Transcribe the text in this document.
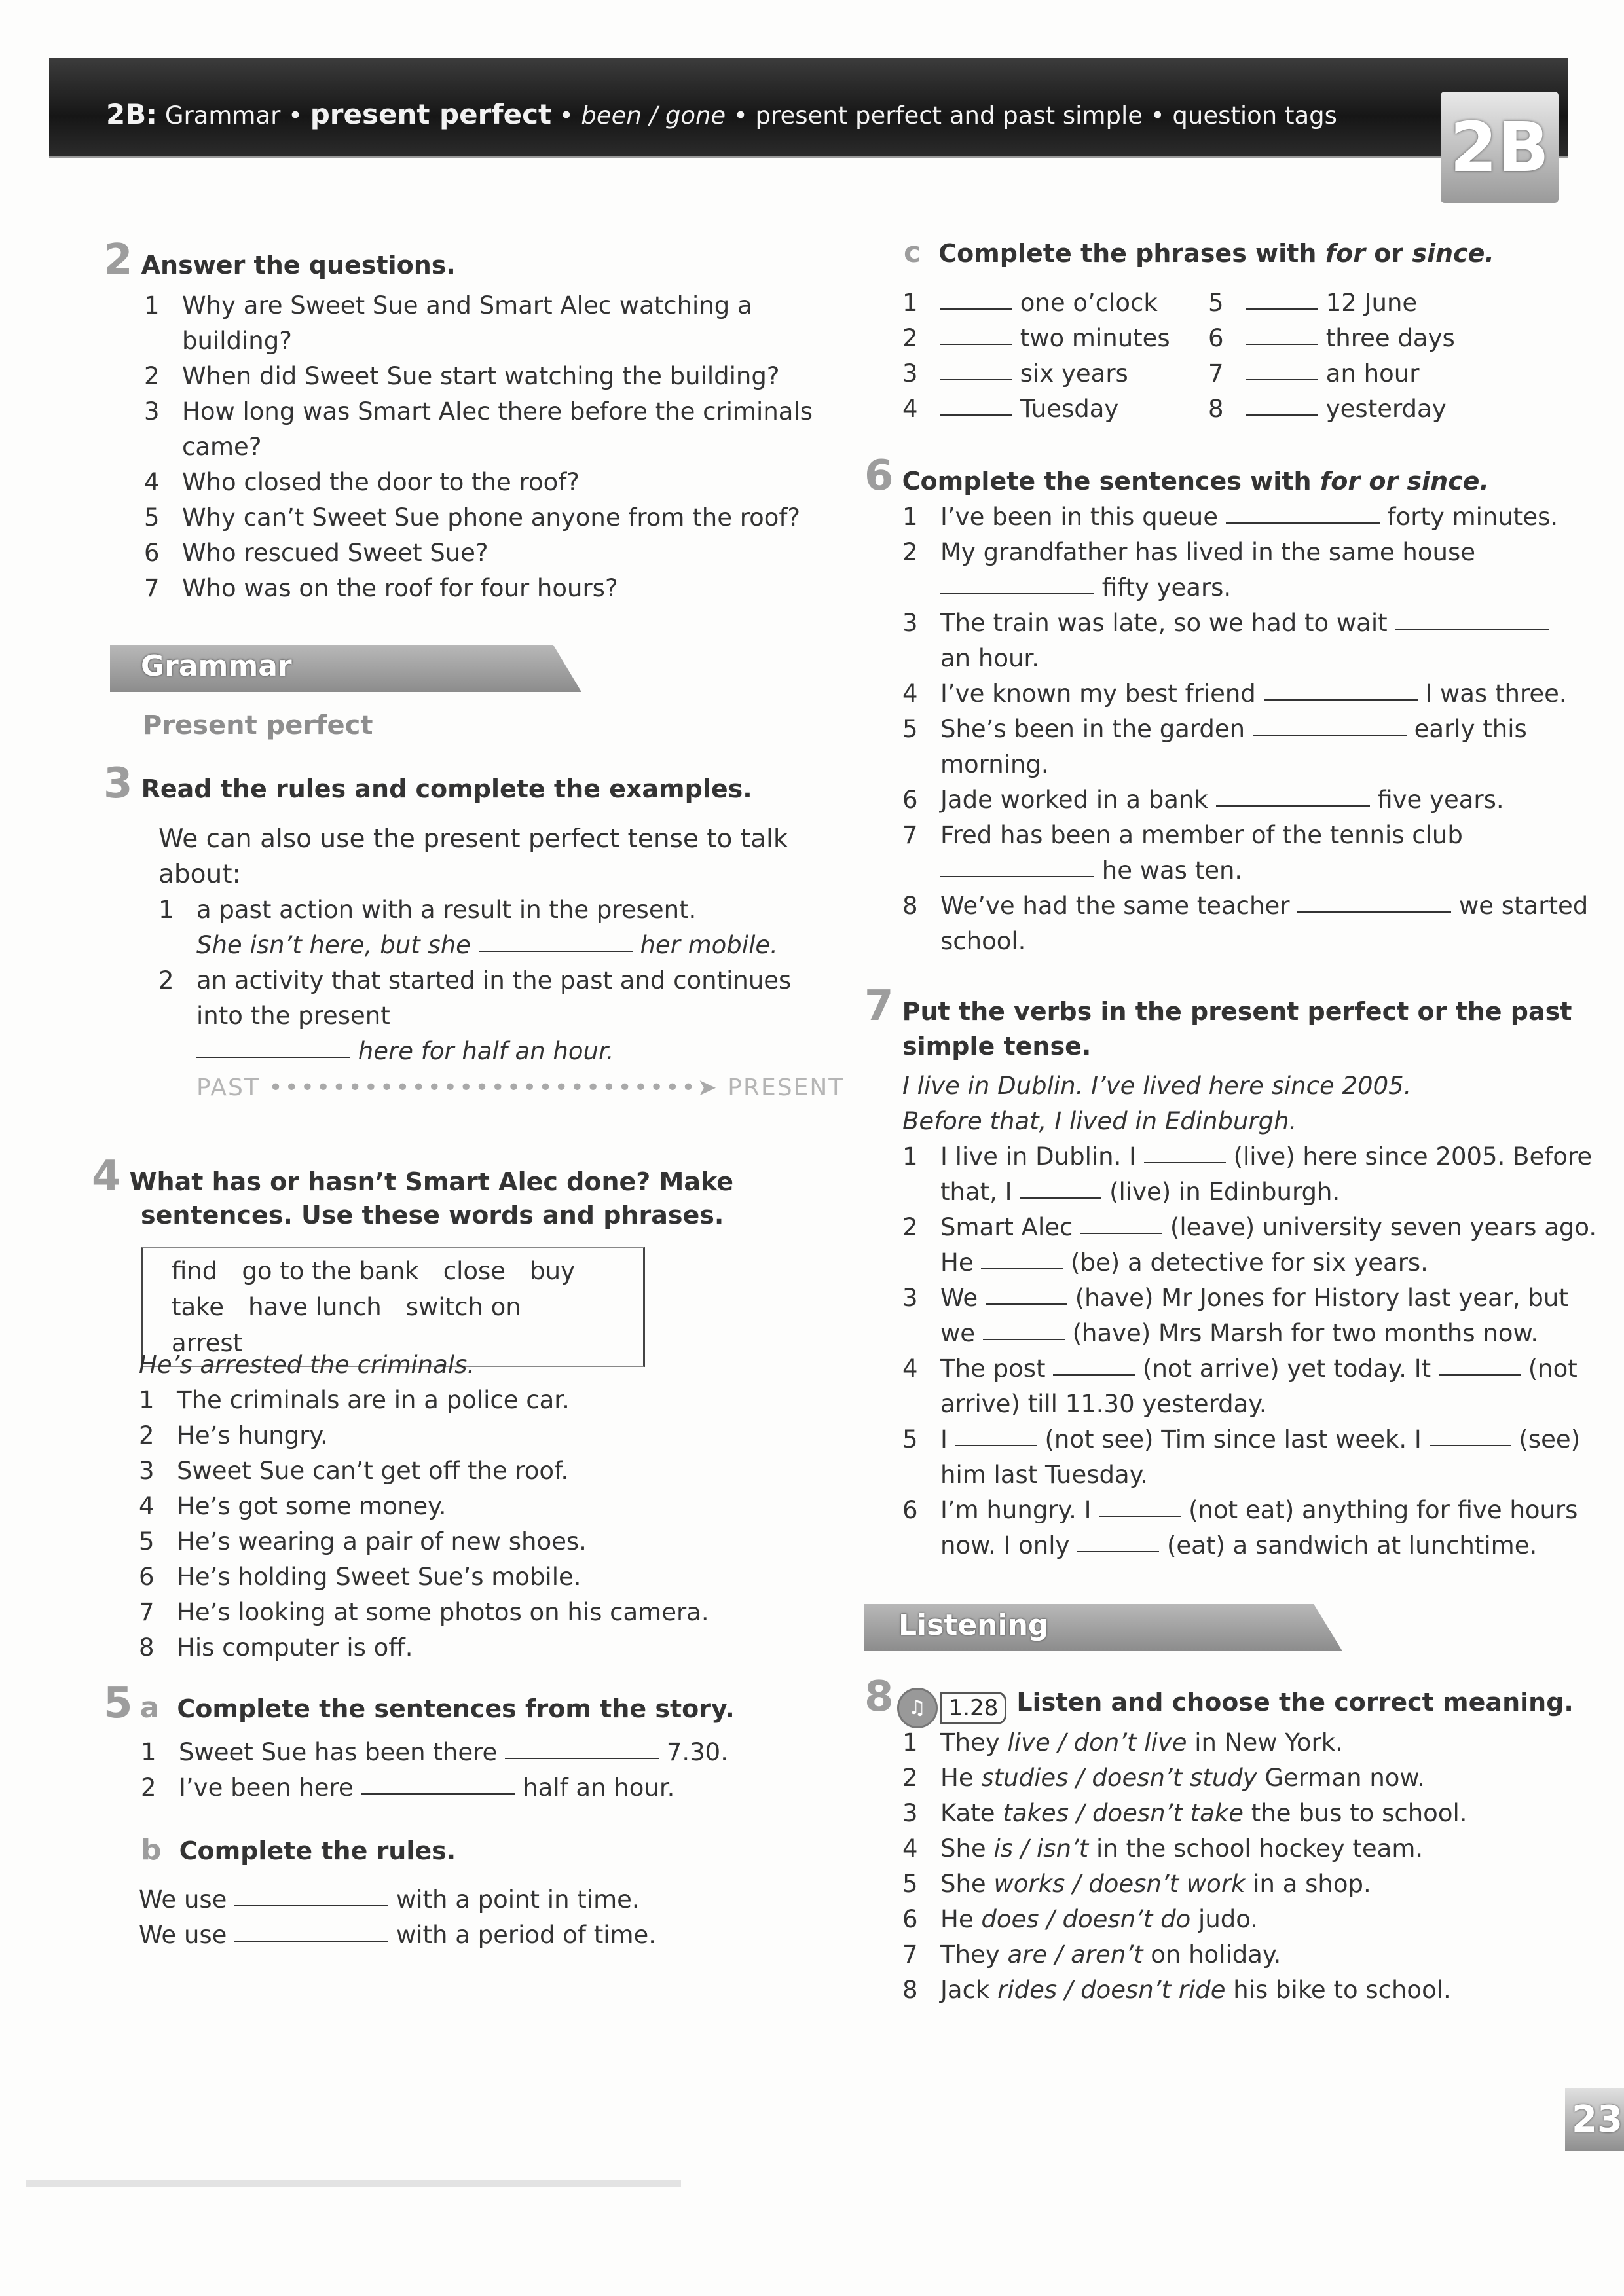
2B: Grammar • present perfect • been / gone • present perfect and past simple • question tags 2B
2 Answer the questions.
1 Why are Sweet Sue and Smart Alec watching a
building?
2 When did Sweet Sue start watching the building?
3 How long was Smart Alec there before the criminals
came?
4 Who closed the door to the roof?
5 Why can’t Sweet Sue phone anyone from the roof?
6 Who rescued Sweet Sue?
7 Who was on the roof for four hours?
Grammar
Present perfect
3 Read the rules and complete the examples.
We can also use the present perfect tense to talk
about:
1 a past action with a result in the present.
She isn’t here, but she	her mobile.
2 an activity that started in the past and continues
into the present
here for half an hour.
PAST •••••••••••••••••••••••••••➤ PRESENT
4 What has or hasn’t Smart Alec done? Make
sentences. Use these words and phrases.
find go to the bank close buy
take have lunch switch on arrest
He’s arrested the criminals.
1 The criminals are in a police car.
2 He’s hungry.
3 Sweet Sue can’t get off the roof.
4 He’s got some money.
5 He’s wearing a pair of new shoes.
6 He’s holding Sweet Sue’s mobile.
7 He’s looking at some photos on his camera.
8 His computer is off.
5 a Complete the sentences from the story.
1 Sweet Sue has been there	7.30.
2 I’ve been here	half an hour.
b Complete the rules.
We use	with a point in time.
We use	with a period of time.
c Complete the phrases with for or since.
1	one o’clock
2	two minutes
3	six years
4	Tuesday
5	12 June
6	three days
7	an hour
8	yesterday
6 Complete the sentences with for or since.
1 I’ve been in this queue	forty minutes.
2 My grandfather has lived in the same house
fifty years.
3 The train was late, so we had to wait
an hour.
4 I’ve known my best friend	I was three.
5 She’s been in the garden	early this
morning.
6 Jade worked in a bank	five years.
7 Fred has been a member of the tennis club
he was ten.
8 We’ve had the same teacher	we started
school.
7 Put the verbs in the present perfect or the past
simple tense.
I live in Dublin. I’ve lived here since 2005.
Before that, I lived in Edinburgh.
1 I live in Dublin. I	(live) here since 2005. Before
that, I	(live) in Edinburgh.
2 Smart Alec	(leave) university seven years ago.
He	(be) a detective for six years.
3 We	(have) Mr Jones for History last year, but
we	(have) Mrs Marsh for two months now.
4 The post	(not arrive) yet today. It	(not
arrive) till 11.30 yesterday.
5 I	(not see) Tim since last week. I	(see)
him last Tuesday.
6 I’m hungry. I	(not eat) anything for five hours
now. I only	(eat) a sandwich at lunchtime.
Listening
8 ♫ 1.28 Listen and choose the correct meaning.
1 They live / don’t live in New York.
2 He studies / doesn’t study German now.
3 Kate takes / doesn’t take the bus to school.
4 She is / isn’t in the school hockey team.
5 She works / doesn’t work in a shop.
6 He does / doesn’t do judo.
7 They are / aren’t on holiday.
8 Jack rides / doesn’t ride his bike to school.
23
